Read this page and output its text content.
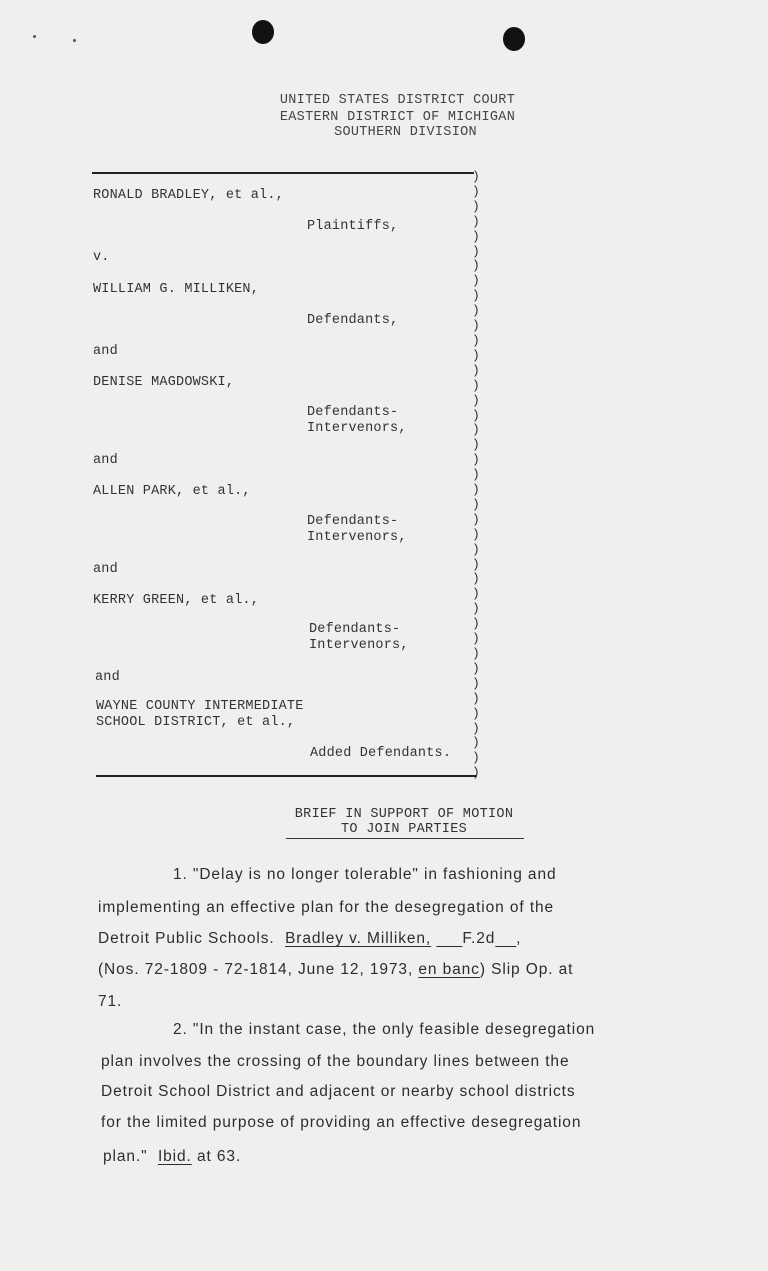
UNITED STATES DISTRICT COURT
EASTERN DISTRICT OF MICHIGAN
SOUTHERN DIVISION
)
)
)
)
)
)
)
)
)
)
)
)
)
)
)
)
)
)
)
)
)
)
)
)
)
)
)
)
)
)
)
)
)
)
)
)
)
)
)
)
)
RONALD BRADLEY, et al.,
Plaintiffs,
v.
WILLIAM G. MILLIKEN,
Defendants,
and
DENISE MAGDOWSKI,
Defendants-
Intervenors,
and
ALLEN PARK, et al.,
Defendants-
Intervenors,
and
KERRY GREEN, et al.,
Defendants-
Intervenors,
and
WAYNE COUNTY INTERMEDIATE
SCHOOL DISTRICT, et al.,
Added Defendants.
BRIEF IN SUPPORT OF MOTION
TO JOIN PARTIES
1. "Delay is no longer tolerable" in fashioning and
implementing an effective plan for the desegregation of the
Detroit Public Schools. Bradley v. Milliken, F.2d ,
(Nos. 72-1809 - 72-1814, June 12, 1973, en banc) Slip Op. at
71.
2. "In the instant case, the only feasible desegregation
plan involves the crossing of the boundary lines between the
Detroit School District and adjacent or nearby school districts
for the limited purpose of providing an effective desegregation
plan." Ibid. at 63.
